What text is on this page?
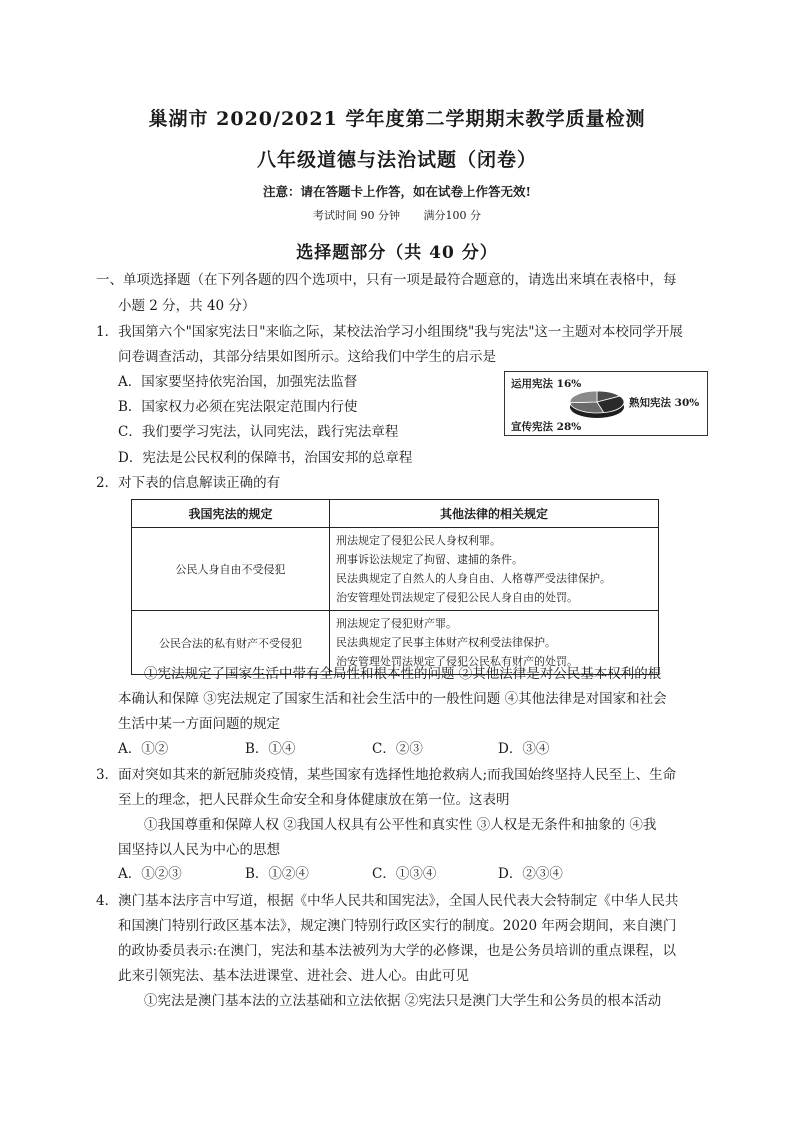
巢湖市 2020/2021 学年度第二学期期末教学质量检测
八年级道德与法治试题（闭卷）
注意：请在答题卡上作答，如在试卷上作答无效!
考试时间 90 分钟 满分100 分
选择题部分（共 40 分）
一、单项选择题（在下列各题的四个选项中，只有一项是最符合题意的，请选出来填在表格中，每
小题 2 分，共 40 分）
1．我国第六个"国家宪法日"来临之际，某校法治学习小组围绕"我与宪法"这一主题对本校同学开展
问卷调查活动，其部分结果如图所示。这给我们中学生的启示是
A．国家要坚持依宪治国，加强宪法监督
B．国家权力必须在宪法限定范围内行使
C．我们要学习宪法，认同宪法，践行宪法章程
D．宪法是公民权利的保障书，治国安邦的总章程
运用宪法 16%
熟知宪法 30%
宣传宪法 28%
2．对下表的信息解读正确的有
我国宪法的规定	其他法律的相关规定
公民人身自由不受侵犯	刑法规定了侵犯公民人身权利罪。
刑事诉讼法规定了拘留、逮捕的条件。
民法典规定了自然人的人身自由、人格尊严受法律保护。
治安管理处罚法规定了侵犯公民人身自由的处罚。

公民合法的私有财产不受侵犯	刑法规定了侵犯财产罪。
民法典规定了民事主体财产权利受法律保护。
治安管理处罚法规定了侵犯公民私有财产的处罚。
①宪法规定了国家生活中带有全局性和根本性的问题 ②其他法律是对公民基本权利的根
本确认和保障 ③宪法规定了国家生活和社会生活中的一般性问题 ④其他法律是对国家和社会
生活中某一方面问题的规定
A．①②	B．①④	C．②③	D．③④
3．面对突如其来的新冠肺炎疫情，某些国家有选择性地抢救病人;而我国始终坚持人民至上、生命
至上的理念，把人民群众生命安全和身体健康放在第一位。这表明
①我国尊重和保障人权 ②我国人权具有公平性和真实性 ③人权是无条件和抽象的 ④我
国坚持以人民为中心的思想
A．①②③	B．①②④	C．①③④	D．②③④
4．澳门基本法序言中写道，根据《中华人民共和国宪法》，全国人民代表大会特制定《中华人民共
和国澳门特别行政区基本法》，规定澳门特别行政区实行的制度。2020 年两会期间，来自澳门
的政协委员表示:在澳门，宪法和基本法被列为大学的必修课，也是公务员培训的重点课程，以
此来引领宪法、基本法进课堂、进社会、进人心。由此可见
①宪法是澳门基本法的立法基础和立法依据 ②宪法只是澳门大学生和公务员的根本活动
